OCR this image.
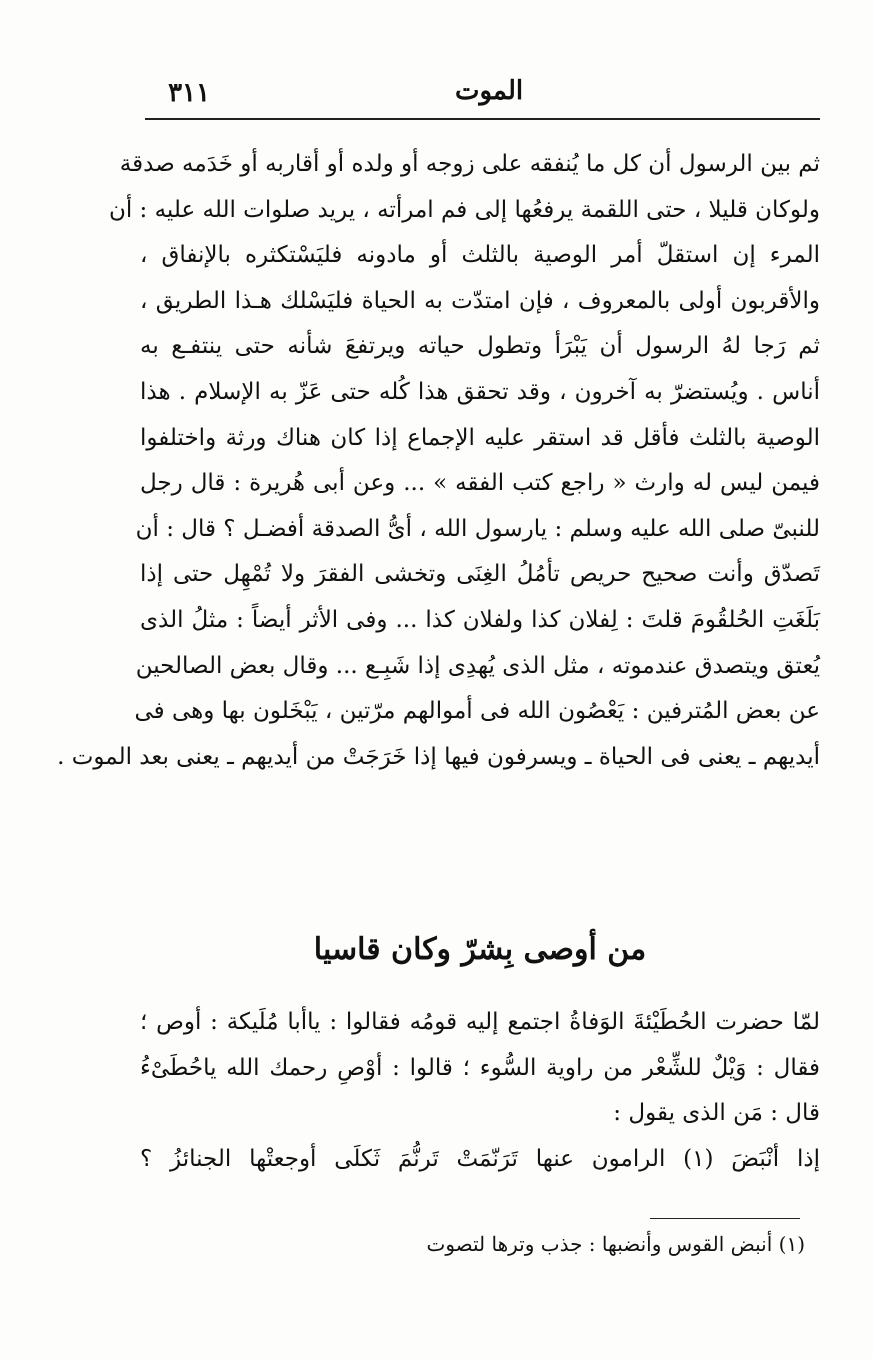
٣١١	الموت
ثم بين الرسول أن كل ما يُنفقه على زوجه أو ولده أو أقاربه أو خَدَمه صدقة
ولوكان قليلا ، حتى اللقمة يرفعُها إلى فم امرأته ، يريد صلوات الله عليه : أن
المرء إن استقلّ أمر الوصية بالثلث أو مادونه فليَسْتكثره بالإنفاق ،
والأقربون أولى بالمعروف ، فإن امتدّت به الحياة فليَسْلك هـذا الطريق ،
ثم رَجا لهُ الرسول أن يَبْرَأ وتطول حياته ويرتفعَ شأنه حتى ينتفـع به
أناس . ويُستضرّ به آخرون ، وقد تحقق هذا كُله حتى عَزّ به الإسلام . هذا
الوصية بالثلث فأقل قد استقر عليه الإجماع إذا كان هناك ورثة واختلفوا
فيمن ليس له وارث « راجع كتب الفقه » ... وعن أبى هُريرة : قال رجل
للنبىّ صلى الله عليه وسلم : يارسول الله ، أىُّ الصدقة أفضـل ؟ قال : أن
تَصدّق وأنت صحيح حريص تأمُلُ الغِنَى وتخشى الفقرَ ولا تُمْهِل حتى إذا
بَلَغَتِ الحُلقُومَ قلتَ : لِفلان كذا ولفلان كذا ... وفى الأثر أيضاً : مثلُ الذى
يُعتق ويتصدق عندموته ، مثل الذى يُهدِى إذا شَبِـع ... وقال بعض الصالحين
عن بعض المُترفين : يَعْصُون الله فى أموالهم مرّتين ، يَبْخَلون بها وهى فى
أيديهم ـ يعنى فى الحياة ـ ويسرفون فيها إذا خَرَجَتْ من أيديهم ـ يعنى بعد الموت .
من أوصى بِشرّ وكان قاسيا
لمّا حضرت الحُطَيْئةَ الوَفاةُ اجتمع إليه قومُه فقالوا : ياأبا مُلَيكة : أوص ؛
فقال : وَيْلٌ للشِّعْر من راوية السُّوء ؛ قالوا : أوْصِ رحمك الله ياحُطَىْءُ
قال : مَن الذى يقول :
إذا أنْبَضَ (١) الرامون عنها تَرَنّمَتْ تَرنُّمَ ثَكلَى أوجعتْها الجنائزُ ؟
(١) أنبض القوس وأنضبها : جذب وترها لتصوت
